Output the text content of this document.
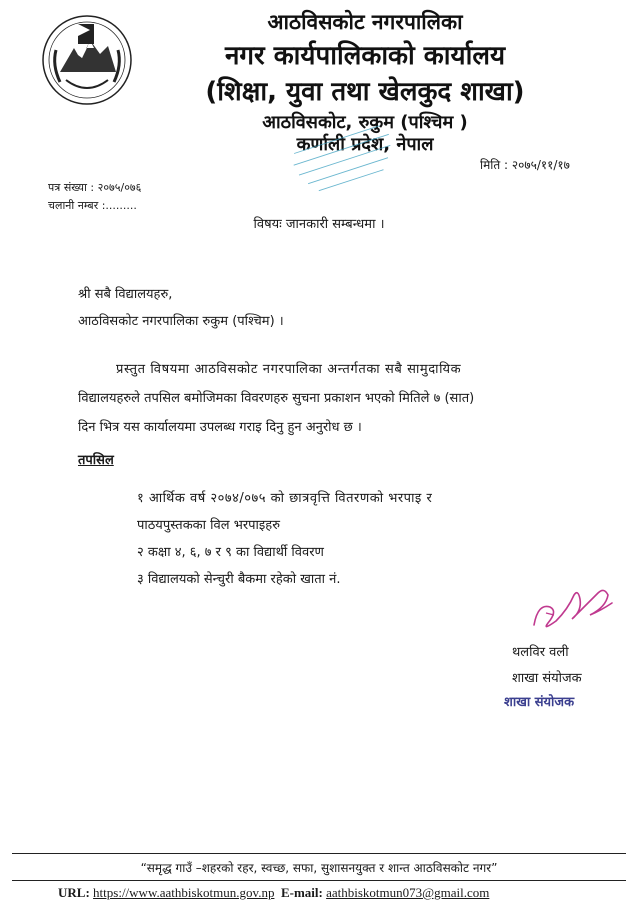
आठविसकोट नगरपालिका
नगर कार्यपालिकाको कार्यालय
(शिक्षा, युवा तथा खेलकुद शाखा)
आठविसकोट, रुकुम (पश्चिम )
कर्णाली प्रदेश, नेपाल
मिति : २०७५/११/१७
पत्र संख्या : २०७५/०७६
चलानी नम्बर :.........
विषयः जानकारी सम्बन्धमा ।
श्री सबै विद्यालयहरु,
आठविसकोट नगरपालिका रुकुम (पश्चिम) ।
प्रस्तुत विषयमा आठविसकोट नगरपालिका अन्तर्गतका सबै सामुदायिक
विद्यालयहरुले तपसिल बमोजिमका विवरणहरु सुचना प्रकाशन भएको मितिले ७ (सात)
दिन भित्र यस कार्यालयमा उपलब्ध गराइ दिनु हुन अनुरोध छ ।
तपसिल
१ आर्थिक वर्ष २०७४/०७५ को छात्रवृत्ति वितरणको भरपाइ र
पाठयपुस्तकका विल भरपाइहरु
२ कक्षा ४, ६, ७ र ९ का विद्यार्थी विवरण
३ विद्यालयको सेन्चुरी बैकमा रहेको खाता नं.
थलविर वली
शाखा संयोजक
शाखा संयोजक
“समृद्ध गाउँ –शहरको रहर, स्वच्छ, सफा, सुशासनयुक्त र शान्त आठविसकोट नगर”
URL: https://www.aathbiskotmun.gov.np E-mail: aathbiskotmun073@gmail.com
